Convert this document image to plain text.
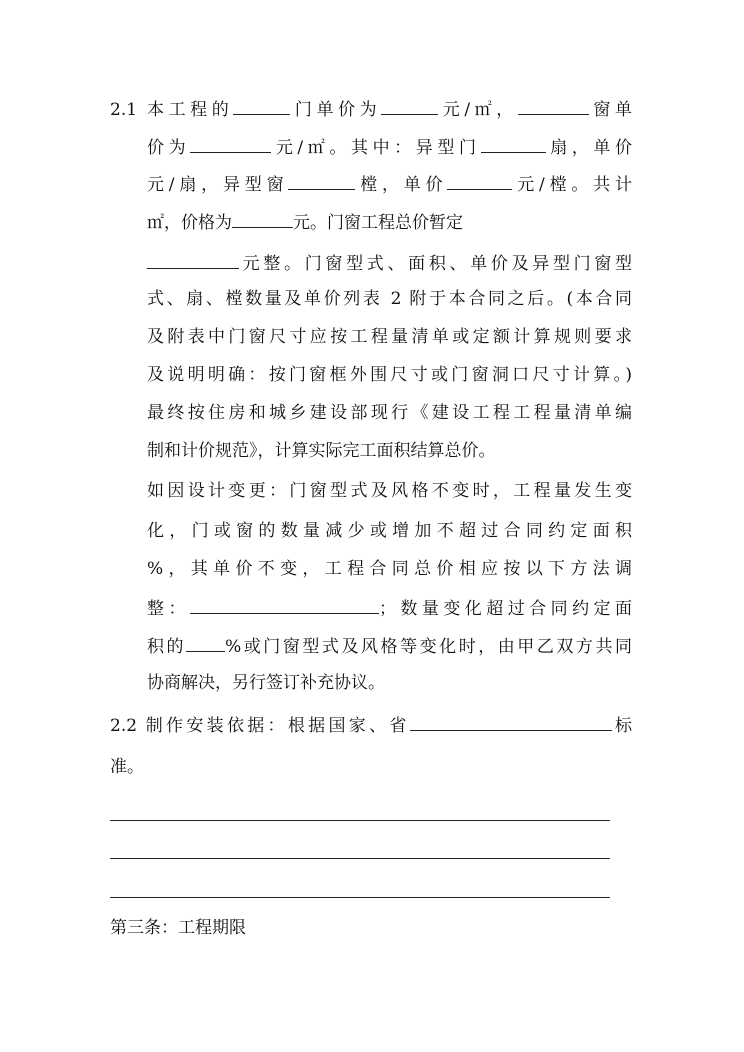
2.1 本工程的	门单价为	元/㎡，	窗单
价为	元/㎡。其中：异型门	扇，单价
元/扇，异型窗	樘，单价	元/樘。共计
㎡，价格为	元。门窗工程总价暂定
元整。门窗型式、面积、单价及异型门窗型
式、扇、樘数量及单价列表 2 附于本合同之后。(本合同
及附表中门窗尺寸应按工程量清单或定额计算规则要求
及说明明确：按门窗框外围尺寸或门窗洞口尺寸计算。)
最终按住房和城乡建设部现行《建设工程工程量清单编
制和计价规范》，计算实际完工面积结算总价。
如因设计变更：门窗型式及风格不变时，工程量发生变
化，门或窗的数量减少或增加不超过合同约定面积
%，其单价不变，工程合同总价相应按以下方法调
整：	；数量变化超过合同约定面
积的 %或门窗型式及风格等变化时，由甲乙双方共同
协商解决，另行签订补充协议。
2.2 制作安装依据：根据国家、省	标
准。
第三条：工程期限
